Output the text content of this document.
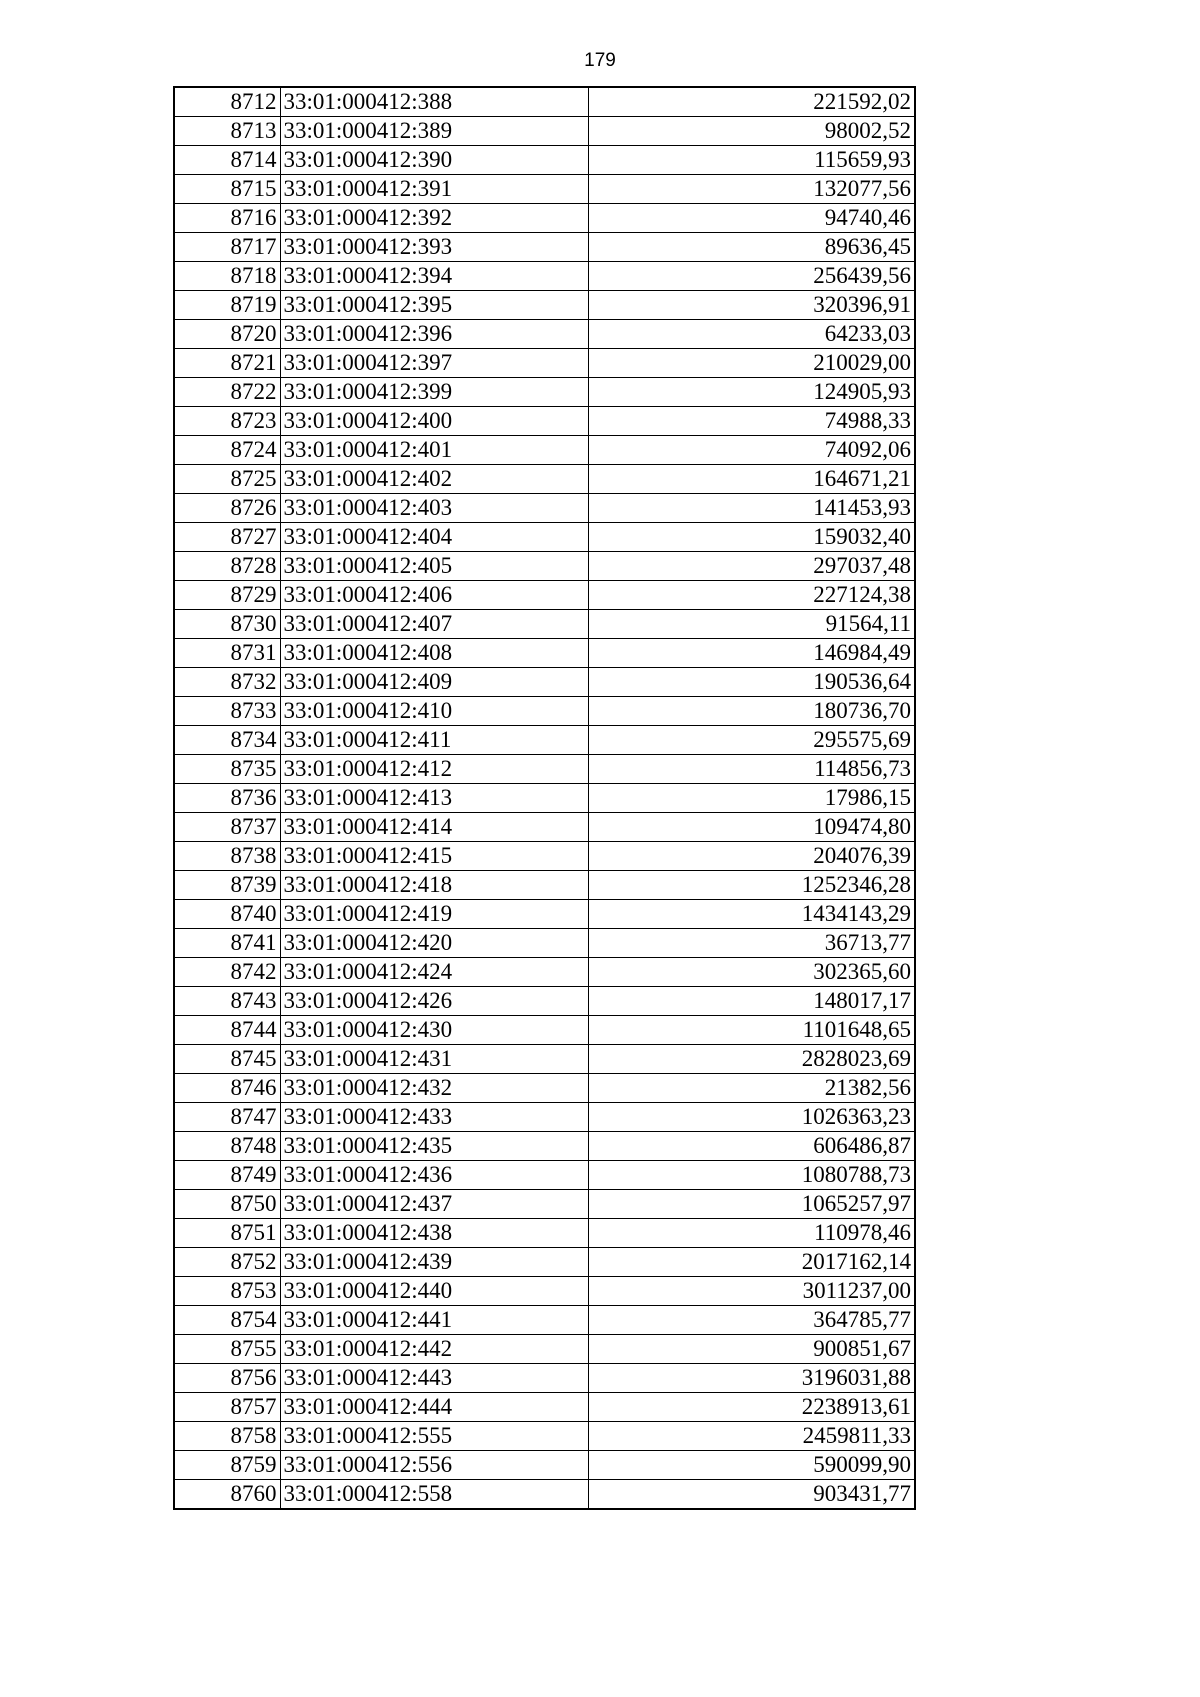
179
8712	33:01:000412:388	221592,02
8713	33:01:000412:389	98002,52
8714	33:01:000412:390	115659,93
8715	33:01:000412:391	132077,56
8716	33:01:000412:392	94740,46
8717	33:01:000412:393	89636,45
8718	33:01:000412:394	256439,56
8719	33:01:000412:395	320396,91
8720	33:01:000412:396	64233,03
8721	33:01:000412:397	210029,00
8722	33:01:000412:399	124905,93
8723	33:01:000412:400	74988,33
8724	33:01:000412:401	74092,06
8725	33:01:000412:402	164671,21
8726	33:01:000412:403	141453,93
8727	33:01:000412:404	159032,40
8728	33:01:000412:405	297037,48
8729	33:01:000412:406	227124,38
8730	33:01:000412:407	91564,11
8731	33:01:000412:408	146984,49
8732	33:01:000412:409	190536,64
8733	33:01:000412:410	180736,70
8734	33:01:000412:411	295575,69
8735	33:01:000412:412	114856,73
8736	33:01:000412:413	17986,15
8737	33:01:000412:414	109474,80
8738	33:01:000412:415	204076,39
8739	33:01:000412:418	1252346,28
8740	33:01:000412:419	1434143,29
8741	33:01:000412:420	36713,77
8742	33:01:000412:424	302365,60
8743	33:01:000412:426	148017,17
8744	33:01:000412:430	1101648,65
8745	33:01:000412:431	2828023,69
8746	33:01:000412:432	21382,56
8747	33:01:000412:433	1026363,23
8748	33:01:000412:435	606486,87
8749	33:01:000412:436	1080788,73
8750	33:01:000412:437	1065257,97
8751	33:01:000412:438	110978,46
8752	33:01:000412:439	2017162,14
8753	33:01:000412:440	3011237,00
8754	33:01:000412:441	364785,77
8755	33:01:000412:442	900851,67
8756	33:01:000412:443	3196031,88
8757	33:01:000412:444	2238913,61
8758	33:01:000412:555	2459811,33
8759	33:01:000412:556	590099,90
8760	33:01:000412:558	903431,77
